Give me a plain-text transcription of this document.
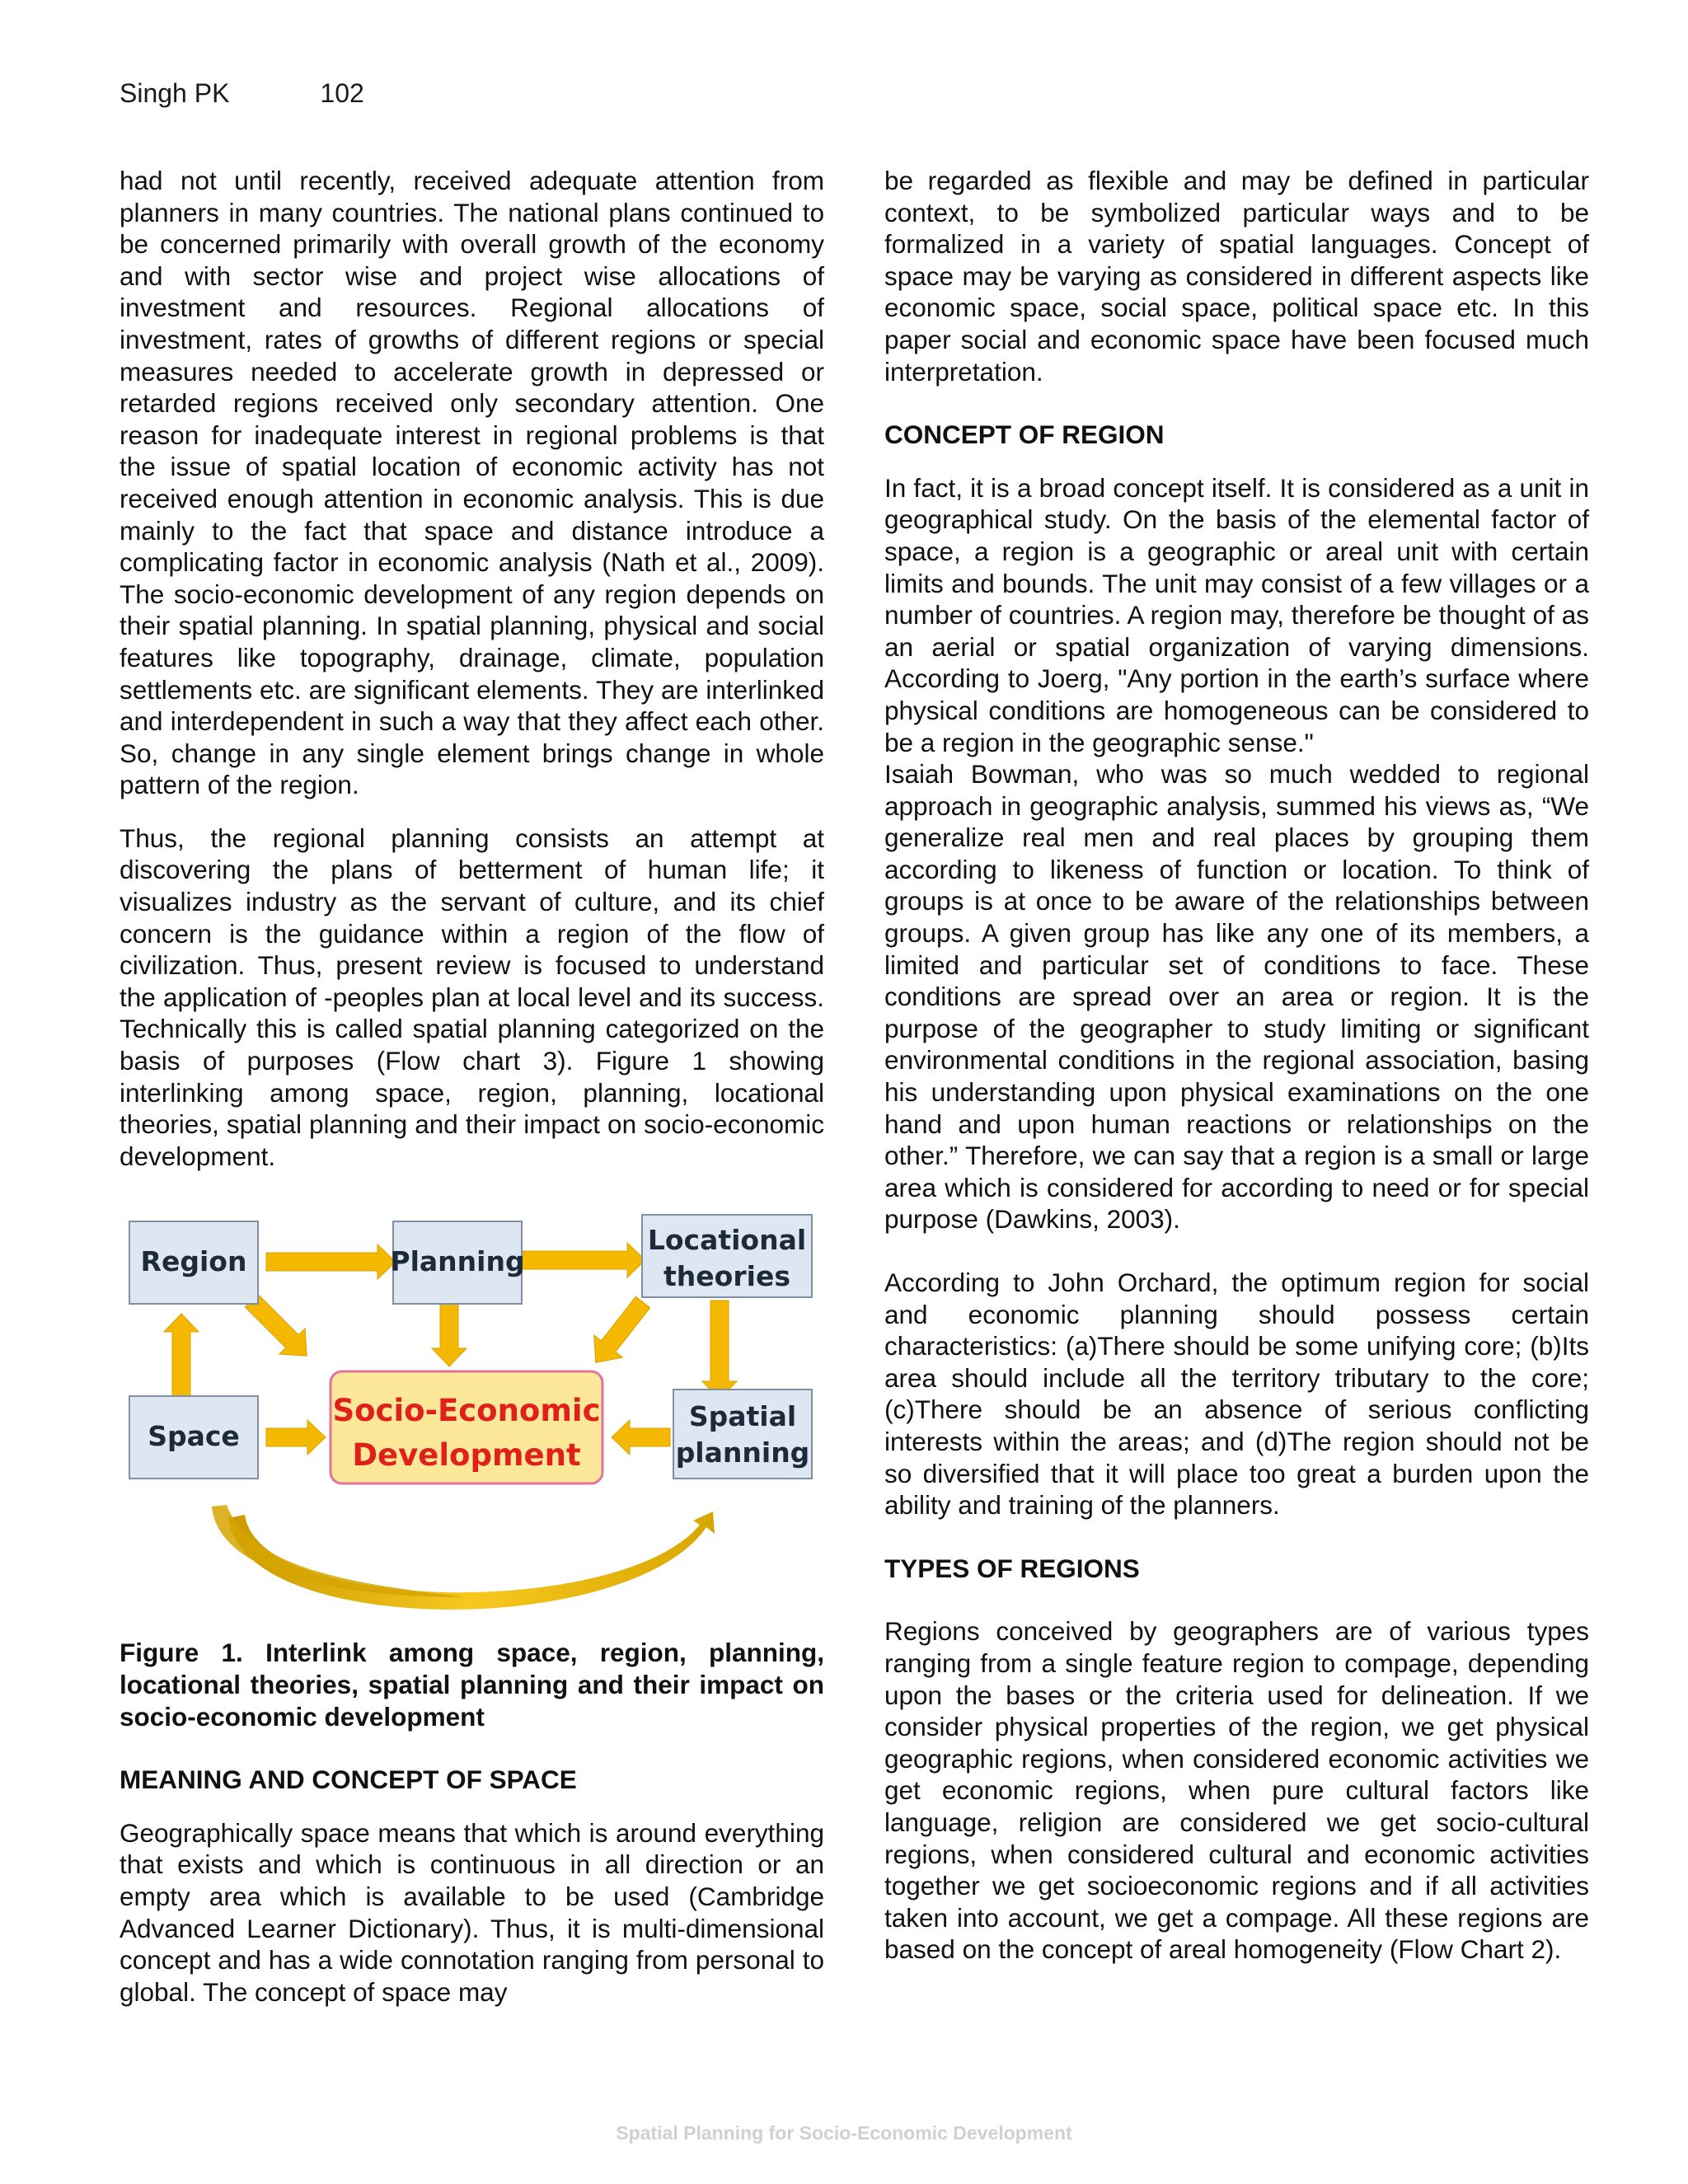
Singh PK	102

had not until recently, received adequate attention from planners in many countries. The national plans continued to be concerned primarily with overall growth of the economy and with sector wise and project wise allocations of investment and resources. Regional allocations of investment, rates of growths of different regions or special measures needed to accelerate growth in depressed or retarded regions received only secondary attention. One reason for inadequate interest in regional problems is that the issue of spatial location of economic activity has not received enough attention in economic analysis. This is due mainly to the fact that space and distance introduce a complicating factor in economic analysis (Nath et al., 2009). The socio-economic development of any region depends on their spatial planning. In spatial planning, physical and social features like topography, drainage, climate, population settlements etc. are significant elements. They are interlinked and interdependent in such a way that they affect each other. So, change in any single element brings change in whole pattern of the region.

Thus, the regional planning consists an attempt at discovering the plans of betterment of human life; it visualizes industry as the servant of culture, and its chief concern is the guidance within a region of the flow of civilization. Thus, present review is focused to understand the application of -peoples plan at local level and its success. Technically this is called spatial planning categorized on the basis of purposes (Flow chart 3). Figure 1 showing interlinking among space, region, planning, locational theories, spatial planning and their impact on socio-economic development.

Region	Planning
Locational
theories
Space
Spatial
planning
Socio-Economic
Development

Figure 1. Interlink among space, region, planning, locational theories, spatial planning and their impact on socio-economic development

MEANING AND CONCEPT OF SPACE

Geographically space means that which is around everything that exists and which is continuous in all direction or an empty area which is available to be used (Cambridge Advanced Learner Dictionary). Thus, it is multi-dimensional concept and has a wide connotation ranging from personal to global. The concept of space may

be regarded as flexible and may be defined in particular context, to be symbolized particular ways and to be formalized in a variety of spatial languages. Concept of space may be varying as considered in different aspects like economic space, social space, political space etc. In this paper social and economic space have been focused much interpretation.

CONCEPT OF REGION

In fact, it is a broad concept itself. It is considered as a unit in geographical study. On the basis of the elemental factor of space, a region is a geographic or areal unit with certain limits and bounds. The unit may consist of a few villages or a number of countries. A region may, therefore be thought of as an aerial or spatial organization of varying dimensions. According to Joerg, "Any portion in the earth’s surface where physical conditions are homogeneous can be considered to be a region in the geographic sense."

Isaiah Bowman, who was so much wedded to regional approach in geographic analysis, summed his views as, “We generalize real men and real places by grouping them according to likeness of function or location. To think of groups is at once to be aware of the relationships between groups. A given group has like any one of its members, a limited and particular set of conditions to face. These conditions are spread over an area or region. It is the purpose of the geographer to study limiting or significant environmental conditions in the regional association, basing his understanding upon physical examinations on the one hand and upon human reactions or relationships on the other.” Therefore, we can say that a region is a small or large area which is considered for according to need or for special purpose (Dawkins, 2003).

According to John Orchard, the optimum region for social and economic planning should possess certain characteristics: (a)There should be some unifying core; (b)Its area should include all the territory tributary to the core; (c)There should be an absence of serious conflicting interests within the areas; and (d)The region should not be so diversified that it will place too great a burden upon the ability and training of the planners.

TYPES OF REGIONS

Regions conceived by geographers are of various types ranging from a single feature region to compage, depending upon the bases or the criteria used for delineation. If we consider physical properties of the region, we get physical geographic regions, when considered economic activities we get economic regions, when pure cultural factors like language, religion are considered we get socio-cultural regions, when considered cultural and economic activities together we get socioeconomic regions and if all activities taken into account, we get a compage. All these regions are based on the concept of areal homogeneity (Flow Chart 2).

Spatial Planning for Socio-Economic Development
